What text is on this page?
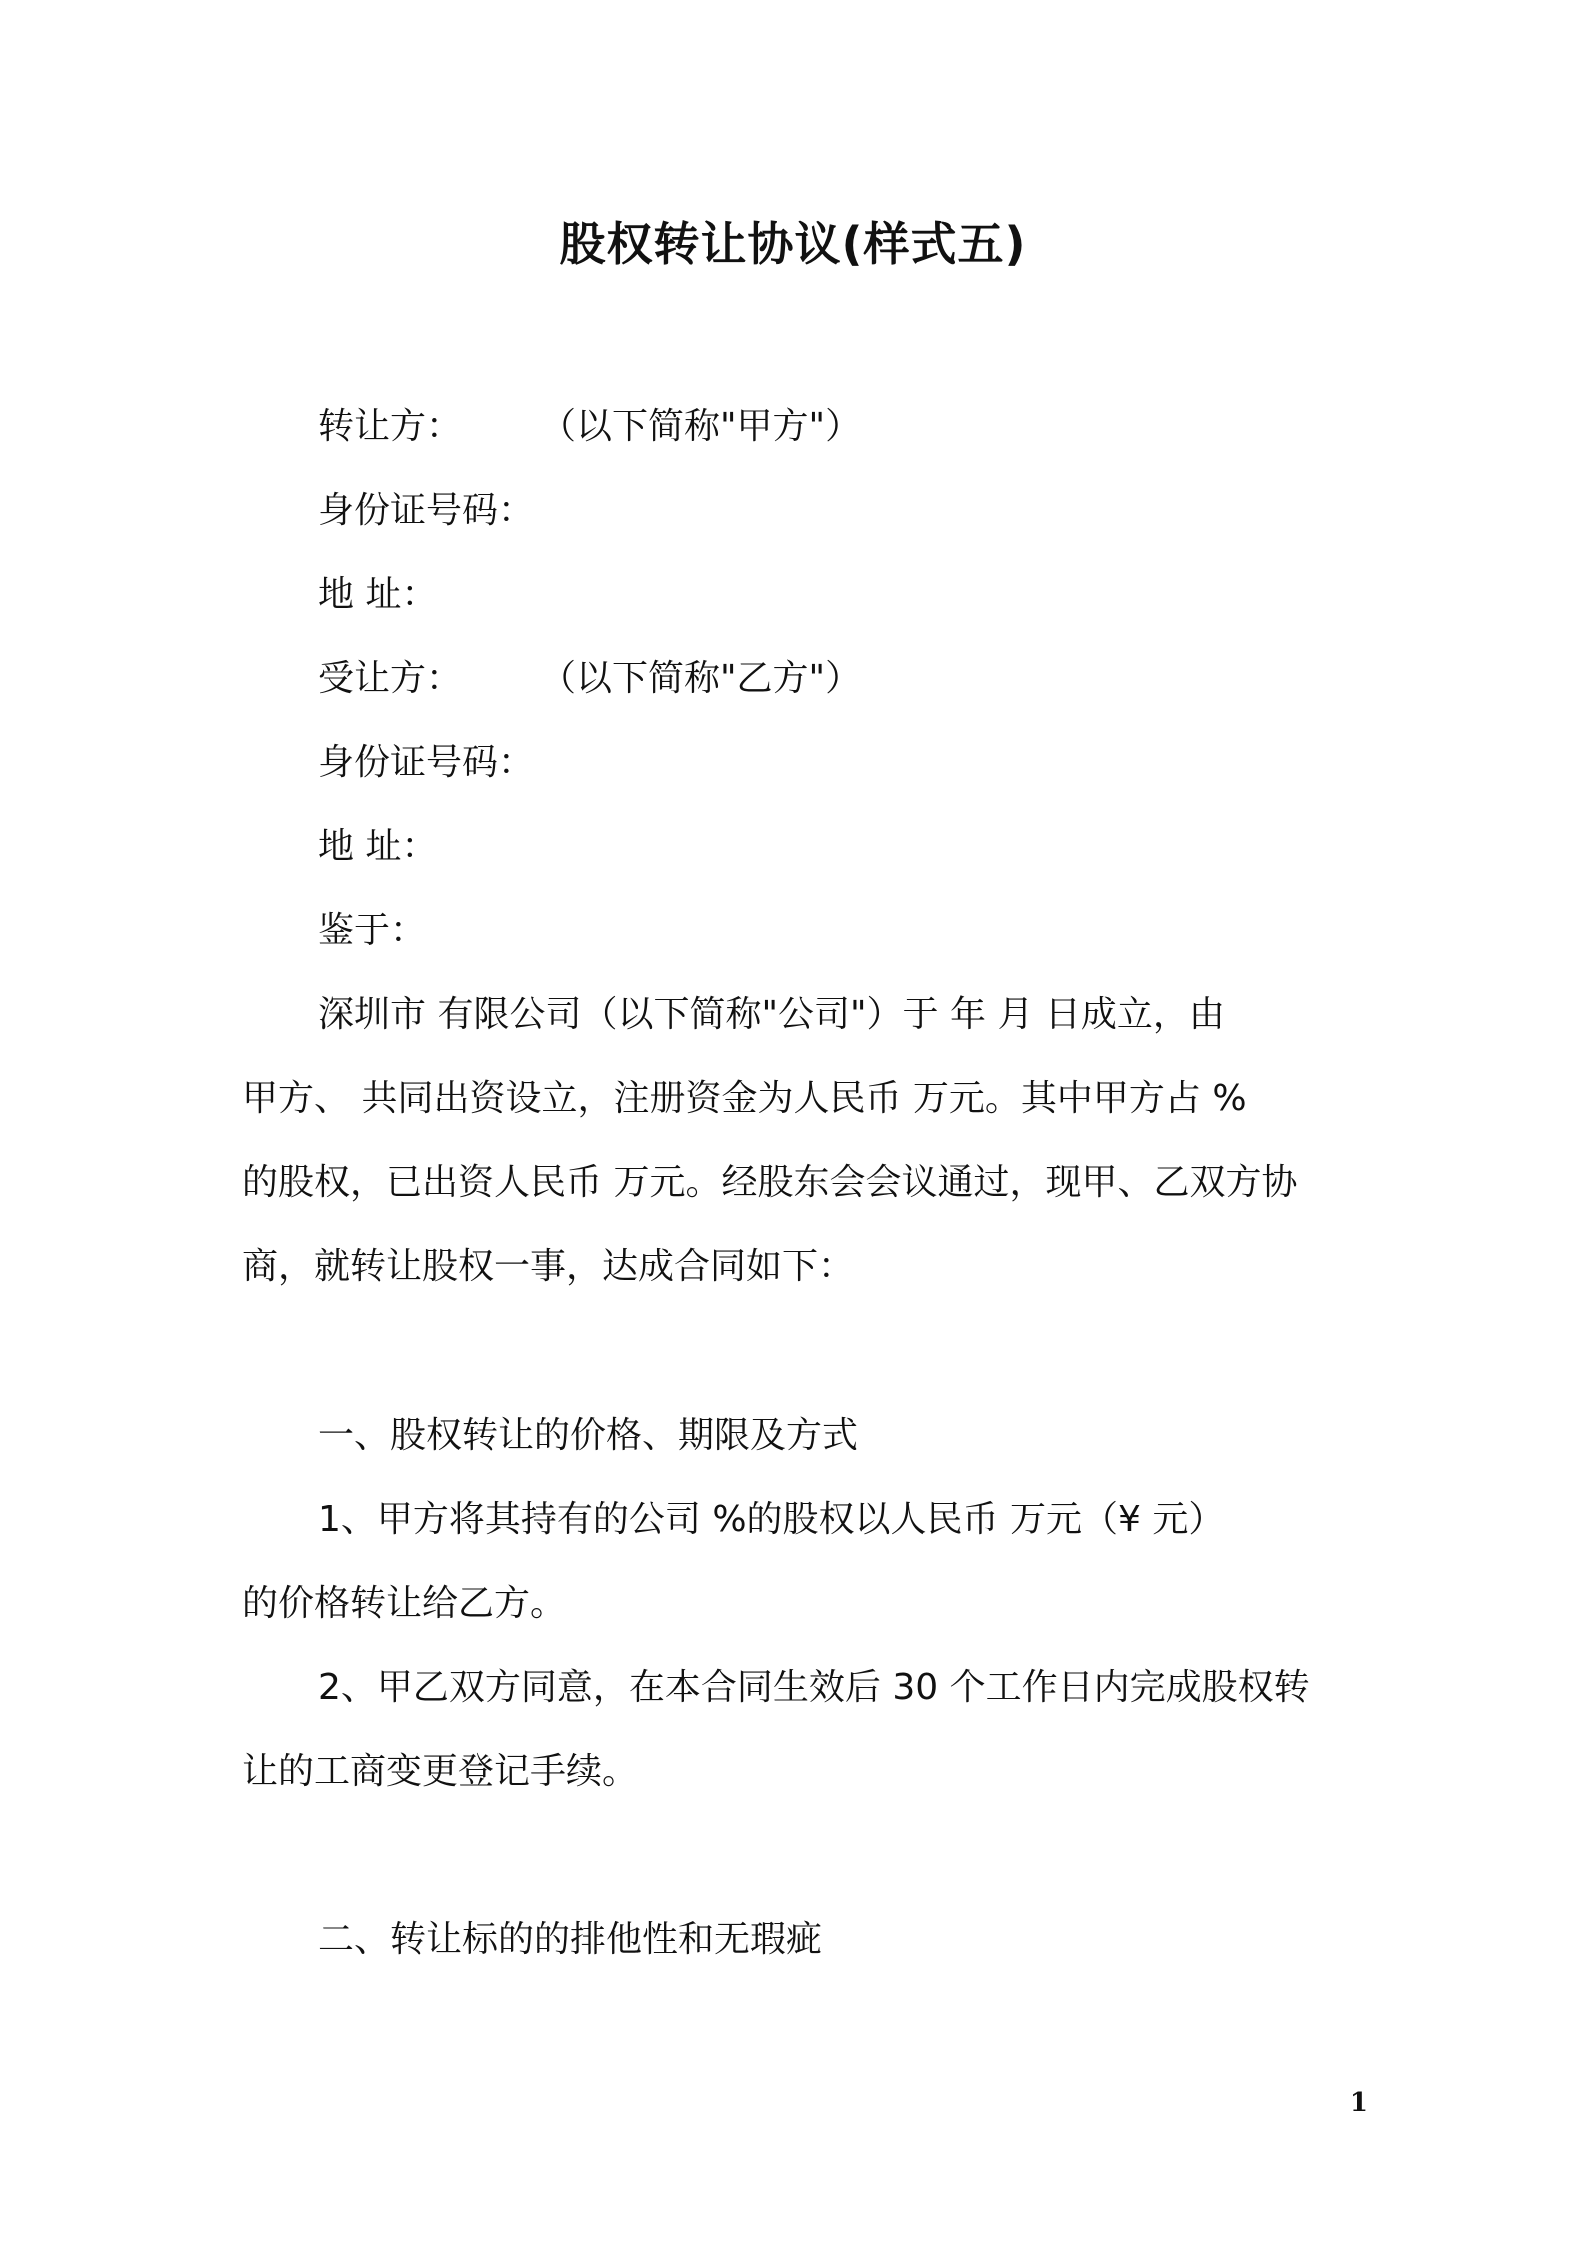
股权转让协议(样式五)
转让方： （以下简称"甲方"）
身份证号码：
地 址：
受让方： （以下简称"乙方"）
身份证号码：
地 址：
鉴于：
深圳市 有限公司（以下简称"公司"）于 年 月 日成立，由
甲方、 共同出资设立，注册资金为人民币 万元。其中甲方占 %
的股权，已出资人民币 万元。经股东会会议通过，现甲、乙双方协
商，就转让股权一事，达成合同如下：
一、股权转让的价格、期限及方式
1、甲方将其持有的公司 %的股权以人民币 万元（¥ 元）
的价格转让给乙方。
2、甲乙双方同意，在本合同生效后 30 个工作日内完成股权转
让的工商变更登记手续。
二、转让标的的排他性和无瑕疵
1
